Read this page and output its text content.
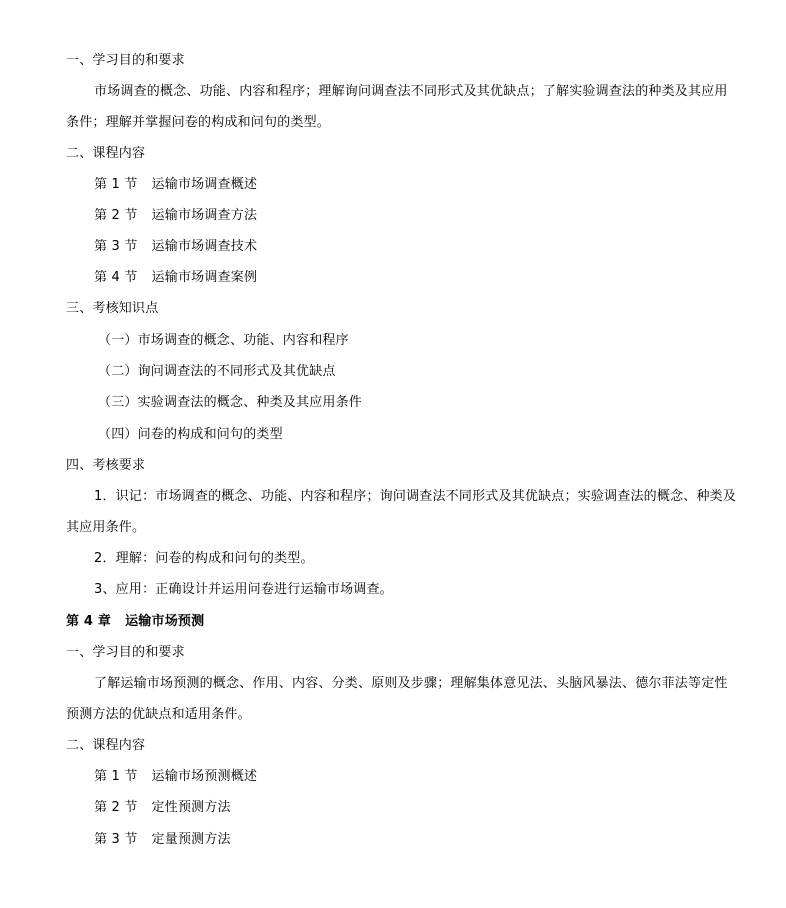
一、学习目的和要求
市场调查的概念、功能、内容和程序；理解询问调查法不同形式及其优缺点；了解实验调查法的种类及其应用
条件；理解并掌握问卷的构成和问句的类型。
二、课程内容
第 1 节 运输市场调查概述
第 2 节 运输市场调查方法
第 3 节 运输市场调查技术
第 4 节 运输市场调查案例
三、考核知识点
（一）市场调查的概念、功能、内容和程序
（二）询问调查法的不同形式及其优缺点
（三）实验调查法的概念、种类及其应用条件
（四）问卷的构成和问句的类型
四、考核要求
1．识记：市场调查的概念、功能、内容和程序；询问调查法不同形式及其优缺点；实验调查法的概念、种类及
其应用条件。
2．理解：问卷的构成和问句的类型。
3、应用：正确设计并运用问卷进行运输市场调查。
第 4 章 运输市场预测
一、学习目的和要求
了解运输市场预测的概念、作用、内容、分类、原则及步骤；理解集体意见法、头脑风暴法、德尔菲法等定性
预测方法的优缺点和适用条件。
二、课程内容
第 1 节 运输市场预测概述
第 2 节 定性预测方法
第 3 节 定量预测方法
